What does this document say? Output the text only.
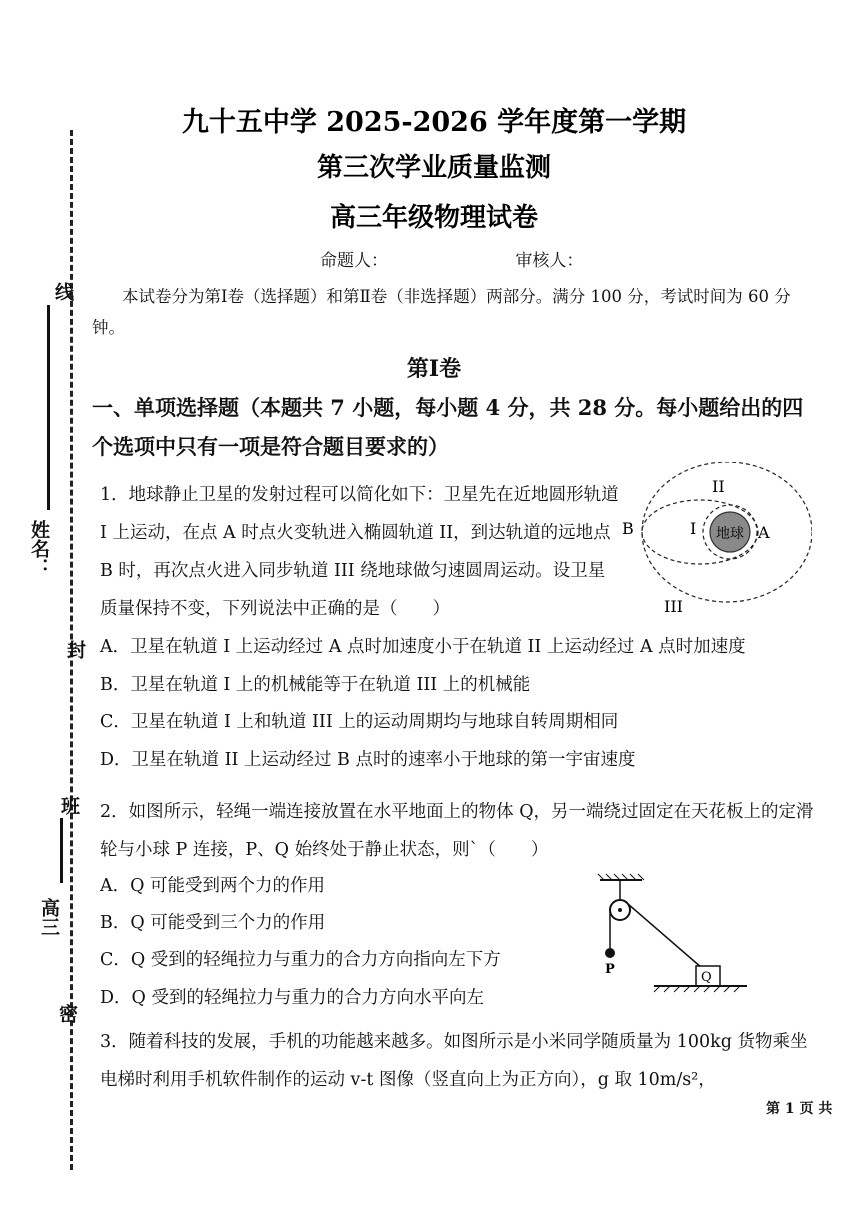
线
姓名：
封
班
高三
密
九十五中学 2025-2026 学年度第一学期
第三次学业质量监测
高三年级物理试卷
命题人：	审核人：
本试卷分为第Ⅰ卷（选择题）和第Ⅱ卷（非选择题）两部分。满分 100 分，考试时间为 60 分钟。
第Ⅰ卷
一、单项选择题（本题共 7 小题，每小题 4 分，共 28 分。每小题给出的四个选项中只有一项是符合题目要求的）
1．地球静止卫星的发射过程可以简化如下：卫星先在近地圆形轨道 I 上运动，在点 A 时点火变轨进入椭圆轨道 II，到达轨道的远地点 B 时，再次点火进入同步轨道 III 绕地球做匀速圆周运动。设卫星质量保持不变，下列说法中正确的是（　　）
地球
II
I
III
B	A
A．卫星在轨道 I 上运动经过 A 点时加速度小于在轨道 II 上运动经过 A 点时加速度
B．卫星在轨道 I 上的机械能等于在轨道 III 上的机械能
C．卫星在轨道 I 上和轨道 III 上的运动周期均与地球自转周期相同
D．卫星在轨道 II 上运动经过 B 点时的速率小于地球的第一宇宙速度
2．如图所示，轻绳一端连接放置在水平地面上的物体 Q，另一端绕过固定在天花板上的定滑轮与小球 P 连接，P、Q 始终处于静止状态，则`（　　）
A．Q 可能受到两个力的作用
B．Q 可能受到三个力的作用
C．Q 受到的轻绳拉力与重力的合力方向指向左下方
D．Q 受到的轻绳拉力与重力的合力方向水平向左
P
Q
3．随着科技的发展，手机的功能越来越多。如图所示是小米同学随质量为 100kg 货物乘坐电梯时利用手机软件制作的运动 v-t 图像（竖直向上为正方向），g 取 10m/s²，
第 1 页 共
